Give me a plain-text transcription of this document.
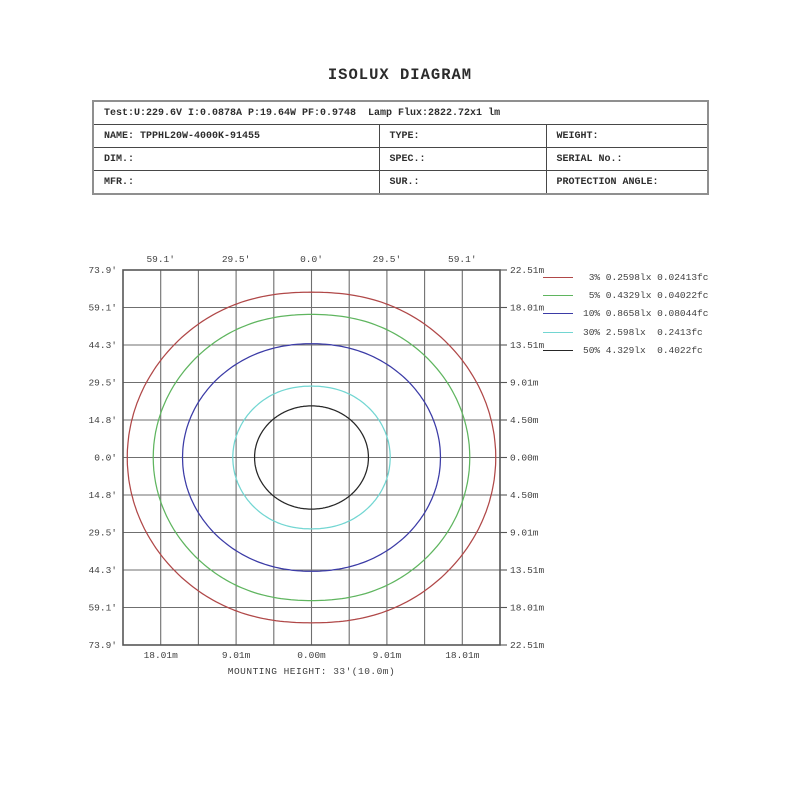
ISOLUX DIAGRAM
Test:U:229.6V I:0.0878A P:19.64W PF:0.9748  Lamp Flux:2822.72x1 lm		
NAME: TPPHL20W-4000K-91455	TYPE:	WEIGHT:
DIM.:	SPEC.:	SERIAL No.:
MFR.:	SUR.:	PROTECTION ANGLE:
73.9'
59.1'
44.3'
29.5'
14.8'
0.0'
14.8'
29.5'
44.3'
59.1'
73.9'
22.51m
18.01m
13.51m
9.01m
4.50m
0.00m
4.50m
9.01m
13.51m
18.01m
22.51m
59.1'	29.5'	0.0'	29.5'	59.1'
18.01m	9.01m	0.00m	9.01m	18.01m
3% 0.2598lx 0.02413fc
5% 0.4329lx 0.04022fc
10% 0.8658lx 0.08044fc
30% 2.598lx  0.2413fc
50% 4.329lx  0.4022fc
MOUNTING HEIGHT: 33'(10.0m)
